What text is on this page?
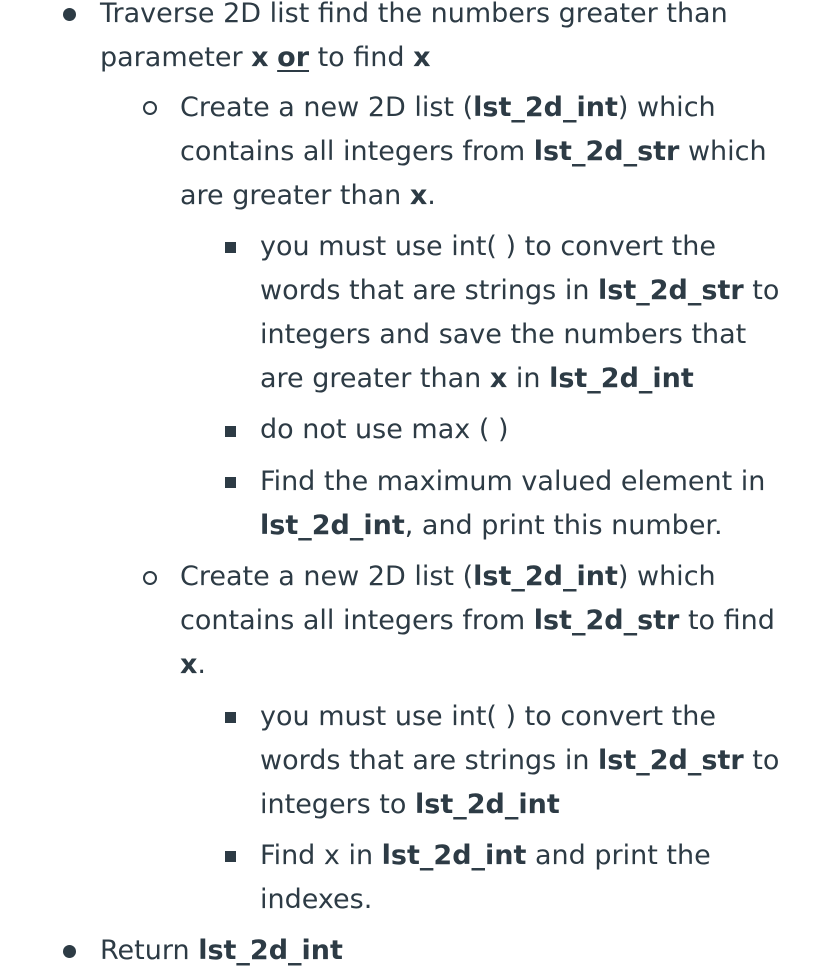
Traverse 2D list find the numbers greater than
parameter x or to find x
Create a new 2D list (lst_2d_int) which
contains all integers from lst_2d_str which
are greater than x.
you must use int( ) to convert the
words that are strings in lst_2d_str to
integers and save the numbers that
are greater than x in lst_2d_int
do not use max ( )
Find the maximum valued element in
lst_2d_int, and print this number.
Create a new 2D list (lst_2d_int) which
contains all integers from lst_2d_str to find
x.
you must use int( ) to convert the
words that are strings in lst_2d_str to
integers to lst_2d_int
Find x in lst_2d_int and print the
indexes.
Return lst_2d_int
